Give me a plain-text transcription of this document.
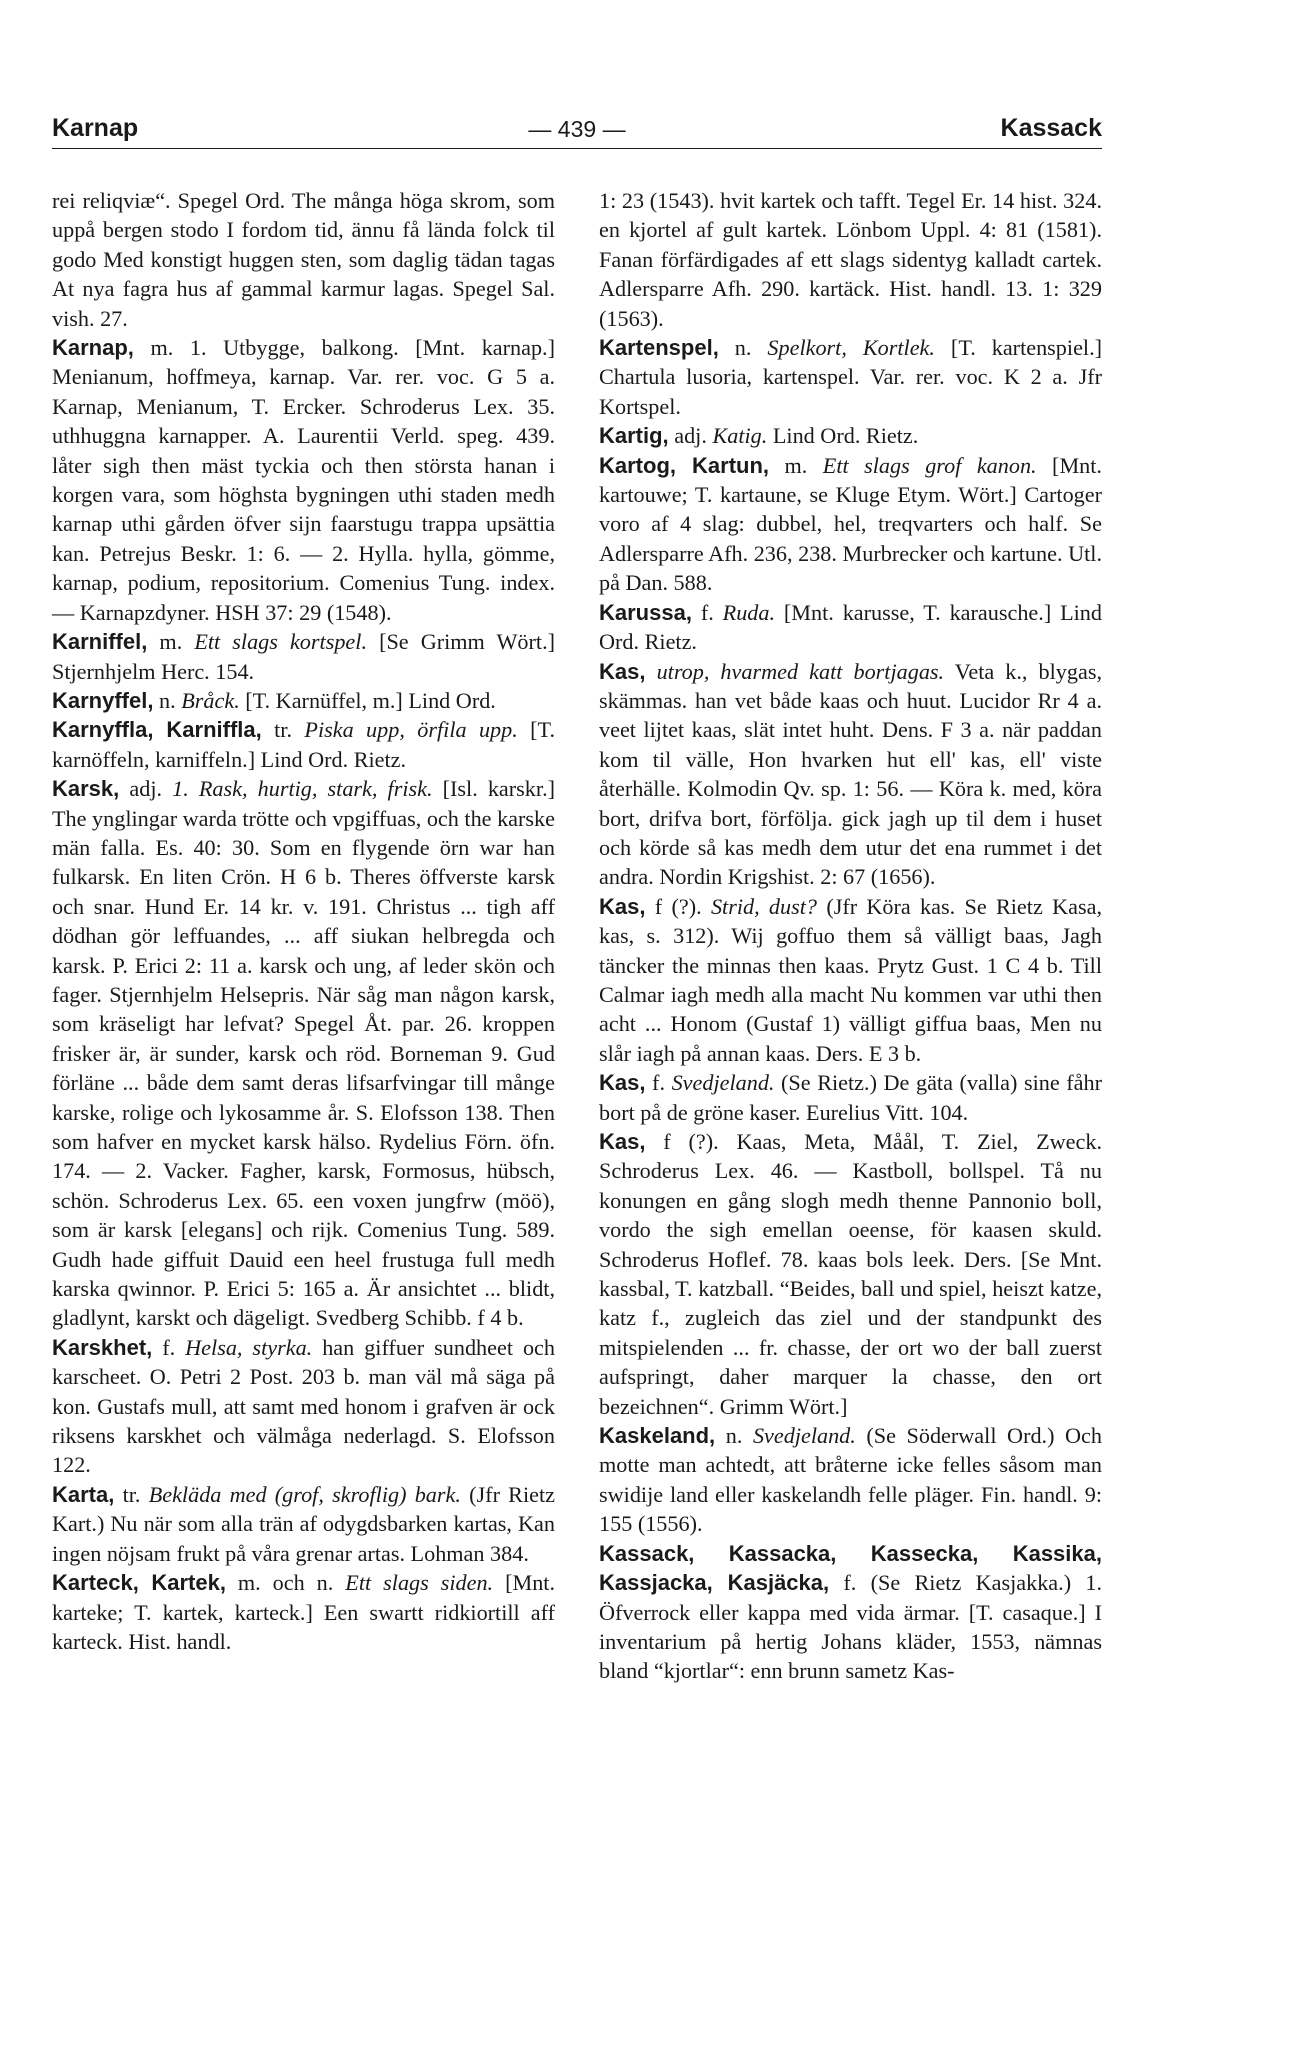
Karnap	— 439 —	Kassack

rei reliqviæ“. Spegel Ord. The många höga skrom, som uppå bergen stodo I fordom tid, ännu få lända folck til godo Med konstigt huggen sten, som daglig tädan tagas At nya fagra hus af gammal karmur lagas. Spegel Sal. vish. 27.

Karnap, m. 1. Utbygge, balkong. [Mnt. karnap.] Menianum, hoffmeya, karnap. Var. rer. voc. G 5 a. Karnap, Menianum, T. Ercker. Schroderus Lex. 35. uthhuggna karnapper. A. Laurentii Verld. speg. 439. låter sigh then mäst tyckia och then största hanan i korgen vara, som höghsta bygningen uthi staden medh karnap uthi gården öfver sijn faarstugu trappa upsättia kan. Petrejus Beskr. 1: 6. — 2. Hylla. hylla, gömme, karnap, podium, repositorium. Comenius Tung. index. — Karnapzdyner. HSH 37: 29 (1548).

Karniffel, m. Ett slags kortspel. [Se Grimm Wört.] Stjernhjelm Herc. 154.

Karnyffel, n. Bråck. [T. Karnüffel, m.] Lind Ord.

Karnyffla, Karniffla, tr. Piska upp, örfila upp. [T. karnöffeln, karniffeln.] Lind Ord. Rietz.

Karsk, adj. 1. Rask, hurtig, stark, frisk. [Isl. karskr.] The ynglingar warda trötte och vpgiffuas, och the karske män falla. Es. 40: 30. Som en flygende örn war han fulkarsk. En liten Crön. H 6 b. Theres öffverste karsk och snar. Hund Er. 14 kr. v. 191. Christus ... tigh aff dödhan gör leffuandes, ... aff siukan helbregda och karsk. P. Erici 2: 11 a. karsk och ung, af leder skön och fager. Stjernhjelm Helsepris. När såg man någon karsk, som kräseligt har lefvat? Spegel Åt. par. 26. kroppen frisker är, är sunder, karsk och röd. Borneman 9. Gud förläne ... både dem samt deras lifsarfvingar till månge karske, rolige och lykosamme år. S. Elofsson 138. Then som hafver en mycket karsk hälso. Rydelius Förn. öfn. 174. — 2. Vacker. Fagher, karsk, Formosus, hübsch, schön. Schroderus Lex. 65. een voxen jungfrw (möö), som är karsk [elegans] och rijk. Comenius Tung. 589. Gudh hade giffuit Dauid een heel frustuga full medh karska qwinnor. P. Erici 5: 165 a. Är ansichtet ... blidt, gladlynt, karskt och dägeligt. Svedberg Schibb. f 4 b.

Karskhet, f. Helsa, styrka. han giffuer sundheet och karscheet. O. Petri 2 Post. 203 b. man väl må säga på kon. Gustafs mull, att samt med honom i grafven är ock riksens karskhet och välmåga nederlagd. S. Elofsson 122.

Karta, tr. Bekläda med (grof, skroflig) bark. (Jfr Rietz Kart.) Nu när som alla trän af odygdsbarken kartas, Kan ingen nöjsam frukt på våra grenar artas. Lohman 384.

Karteck, Kartek, m. och n. Ett slags siden. [Mnt. karteke; T. kartek, karteck.] Een swartt ridkiortill aff karteck. Hist. handl.

1: 23 (1543). hvit kartek och tafft. Tegel Er. 14 hist. 324. en kjortel af gult kartek. Lönbom Uppl. 4: 81 (1581). Fanan förfärdigades af ett slags sidentyg kalladt cartek. Adlersparre Afh. 290. kartäck. Hist. handl. 13. 1: 329 (1563).

Kartenspel, n. Spelkort, Kortlek. [T. kartenspiel.] Chartula lusoria, kartenspel. Var. rer. voc. K 2 a. Jfr Kortspel.

Kartig, adj. Katig. Lind Ord. Rietz.

Kartog, Kartun, m. Ett slags grof kanon. [Mnt. kartouwe; T. kartaune, se Kluge Etym. Wört.] Cartoger voro af 4 slag: dubbel, hel, treqvarters och half. Se Adlersparre Afh. 236, 238. Murbrecker och kartune. Utl. på Dan. 588.

Karussa, f. Ruda. [Mnt. karusse, T. karausche.] Lind Ord. Rietz.

Kas, utrop, hvarmed katt bortjagas. Veta k., blygas, skämmas. han vet både kaas och huut. Lucidor Rr 4 a. veet lijtet kaas, slät intet huht. Dens. F 3 a. när paddan kom til välle, Hon hvarken hut ell' kas, ell' viste återhälle. Kolmodin Qv. sp. 1: 56. — Köra k. med, köra bort, drifva bort, förfölja. gick jagh up til dem i huset och körde så kas medh dem utur det ena rummet i det andra. Nordin Krigshist. 2: 67 (1656).

Kas, f (?). Strid, dust? (Jfr Köra kas. Se Rietz Kasa, kas, s. 312). Wij goffuo them så välligt baas, Jagh täncker the minnas then kaas. Prytz Gust. 1 C 4 b. Till Calmar iagh medh alla macht Nu kommen var uthi then acht ... Honom (Gustaf 1) välligt giffua baas, Men nu slår iagh på annan kaas. Ders. E 3 b.

Kas, f. Svedjeland. (Se Rietz.) De gäta (valla) sine fåhr bort på de gröne kaser. Eurelius Vitt. 104.

Kas, f (?). Kaas, Meta, Måål, T. Ziel, Zweck. Schroderus Lex. 46. — Kastboll, bollspel. Tå nu konungen en gång slogh medh thenne Pannonio boll, vordo the sigh emellan oeense, för kaasen skuld. Schroderus Hoflef. 78. kaas bols leek. Ders. [Se Mnt. kassbal, T. katzball. “Beides, ball und spiel, heiszt katze, katz f., zugleich das ziel und der standpunkt des mitspielenden ... fr. chasse, der ort wo der ball zuerst aufspringt, daher marquer la chasse, den ort bezeichnen“. Grimm Wört.]

Kaskeland, n. Svedjeland. (Se Söderwall Ord.) Och motte man achtedt, att bråterne icke felles såsom man swidije land eller kaskelandh felle pläger. Fin. handl. 9: 155 (1556).

Kassack, Kassacka, Kassecka, Kassika, Kassjacka, Kasjäcka, f. (Se Rietz Kasjakka.) 1. Öfverrock eller kappa med vida ärmar. [T. casaque.] I inventarium på hertig Johans kläder, 1553, nämnas bland “kjortlar“: enn brunn sametz Kas-
